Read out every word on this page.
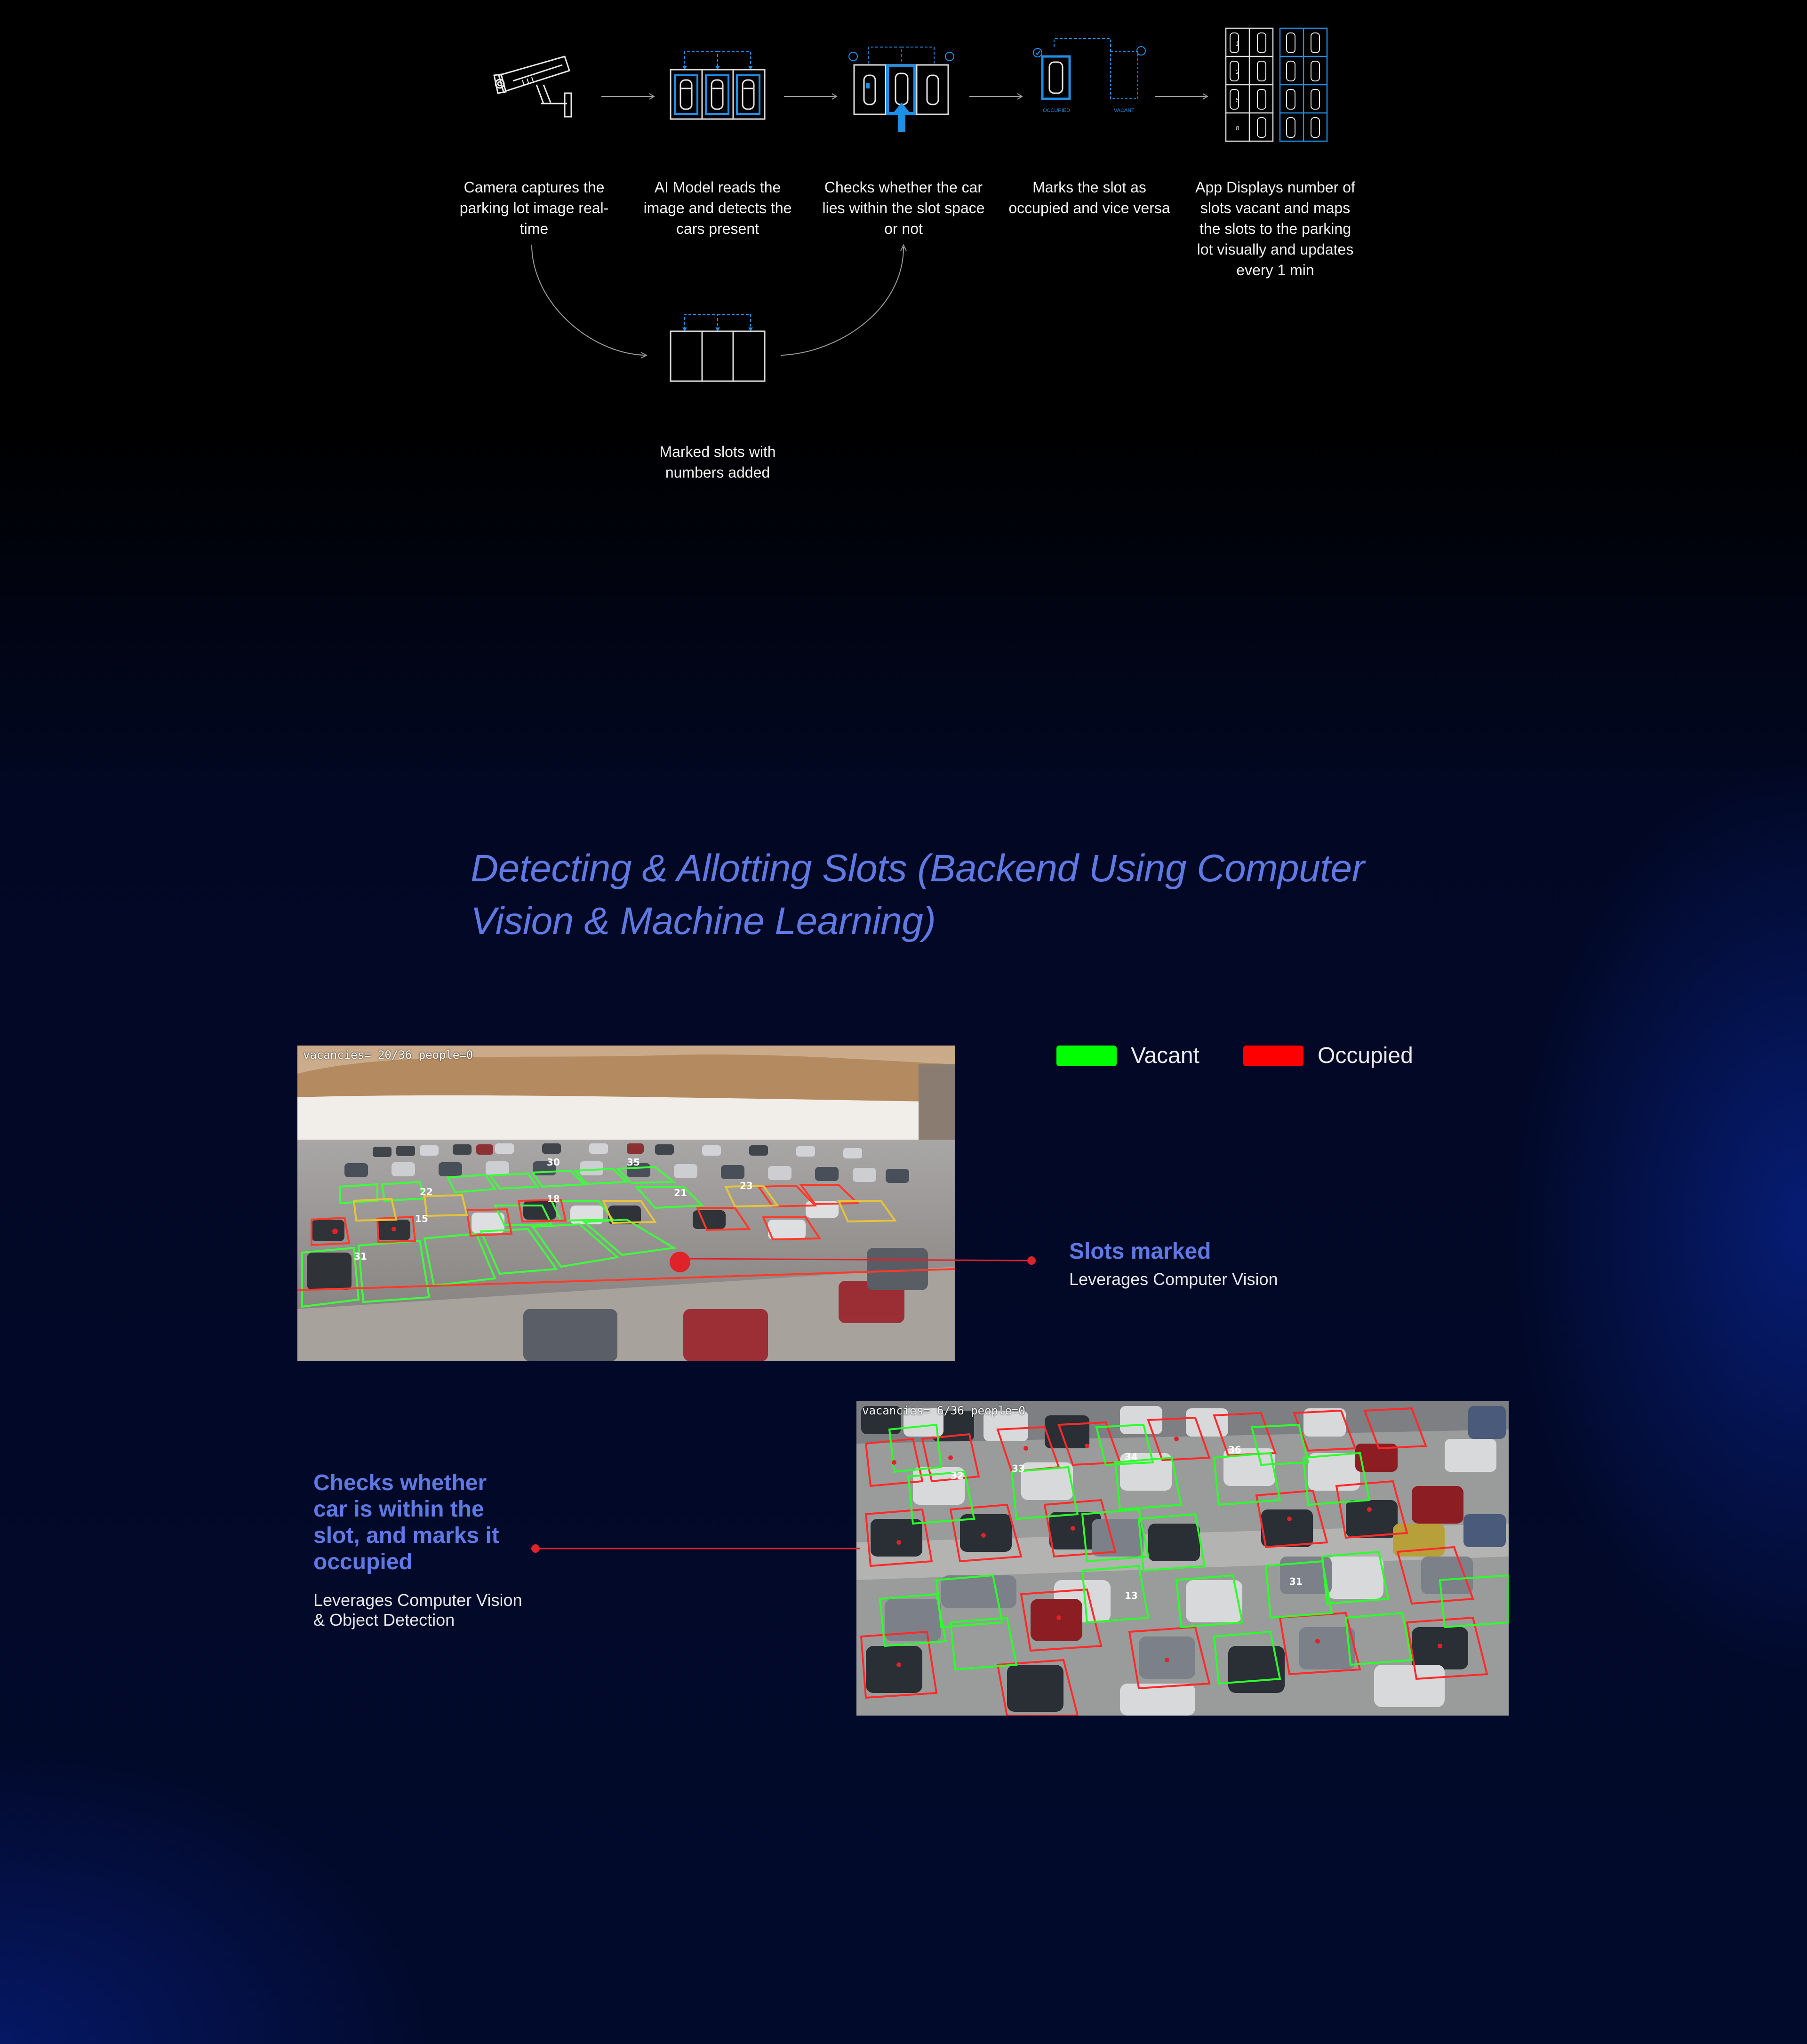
OCCUPIED	VACANT
1
2
5
8
Camera captures the parking lot image real-time
AI Model reads the image and detects the cars present
Checks whether the car lies within the slot space or not
Marks the slot as occupied and vice versa
App Displays number of slots vacant and maps the slots to the parking lot visually and updates every 1 min
Marked slots with numbers added
Detecting & Allotting Slots (Backend Using Computer Vision & Machine Learning)
Vacant	Occupied
22
15
30	35
21
23
18
31
vacancies= 20/36 people=0
Slots marked
Leverages Computer Vision
32
33
34
31
13
36
vacancies= 6/36 people=0
Checks whether car is within the slot, and marks it occupied
Leverages Computer Vision & Object Detection
